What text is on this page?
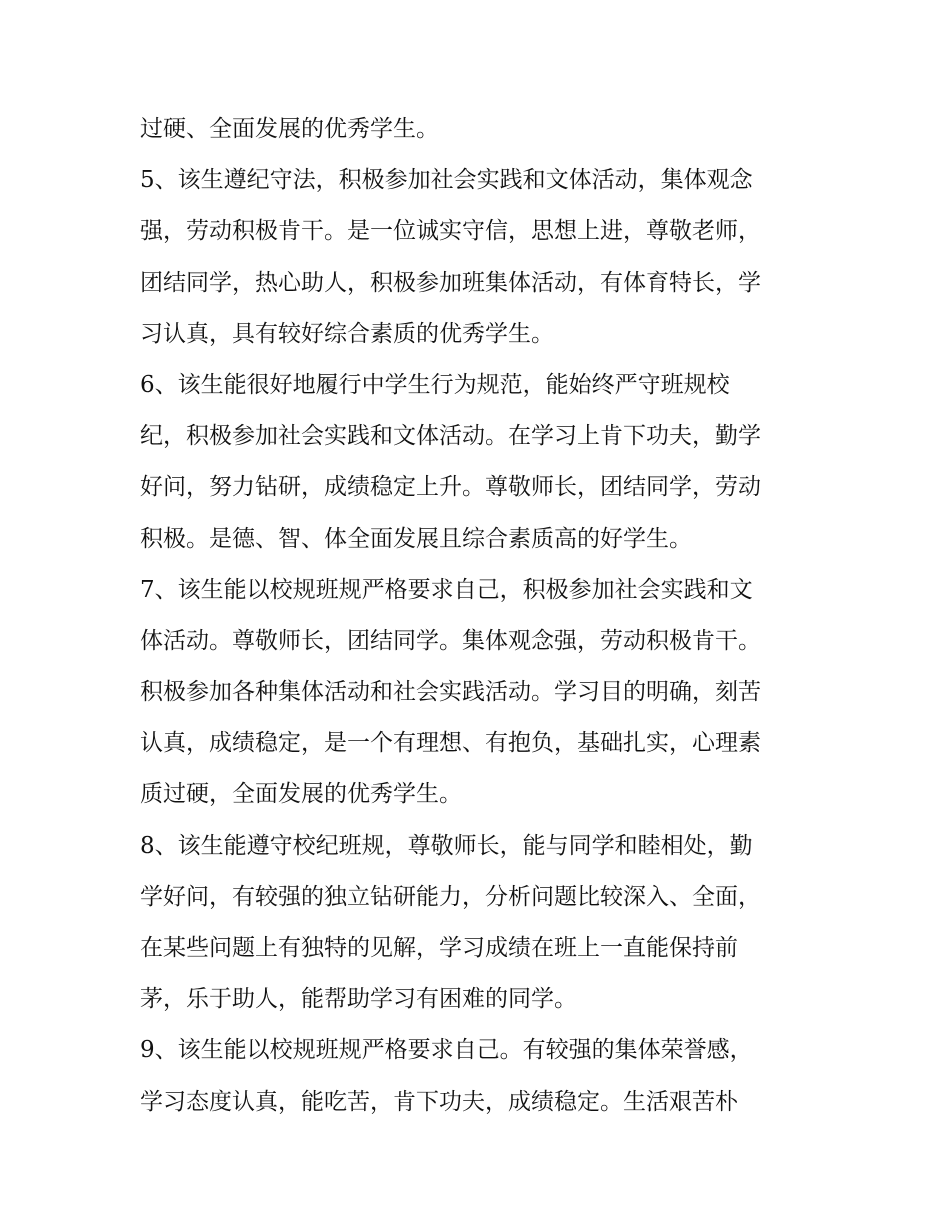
过硬、全面发展的优秀学生。

5、该生遵纪守法，积极参加社会实践和文体活动，集体观念

强，劳动积极肯干。是一位诚实守信，思想上进，尊敬老师，

团结同学，热心助人，积极参加班集体活动，有体育特长，学

习认真，具有较好综合素质的优秀学生。

6、该生能很好地履行中学生行为规范，能始终严守班规校

纪，积极参加社会实践和文体活动。在学习上肯下功夫，勤学

好问，努力钻研，成绩稳定上升。尊敬师长，团结同学，劳动

积极。是德、智、体全面发展且综合素质高的好学生。

7、该生能以校规班规严格要求自己，积极参加社会实践和文

体活动。尊敬师长，团结同学。集体观念强，劳动积极肯干。

积极参加各种集体活动和社会实践活动。学习目的明确，刻苦

认真，成绩稳定，是一个有理想、有抱负，基础扎实，心理素

质过硬，全面发展的优秀学生。

8、该生能遵守校纪班规，尊敬师长，能与同学和睦相处，勤

学好问，有较强的独立钻研能力，分析问题比较深入、全面，

在某些问题上有独特的见解，学习成绩在班上一直能保持前

茅，乐于助人，能帮助学习有困难的同学。

9、该生能以校规班规严格要求自己。有较强的集体荣誉感，

学习态度认真，能吃苦，肯下功夫，成绩稳定。生活艰苦朴
